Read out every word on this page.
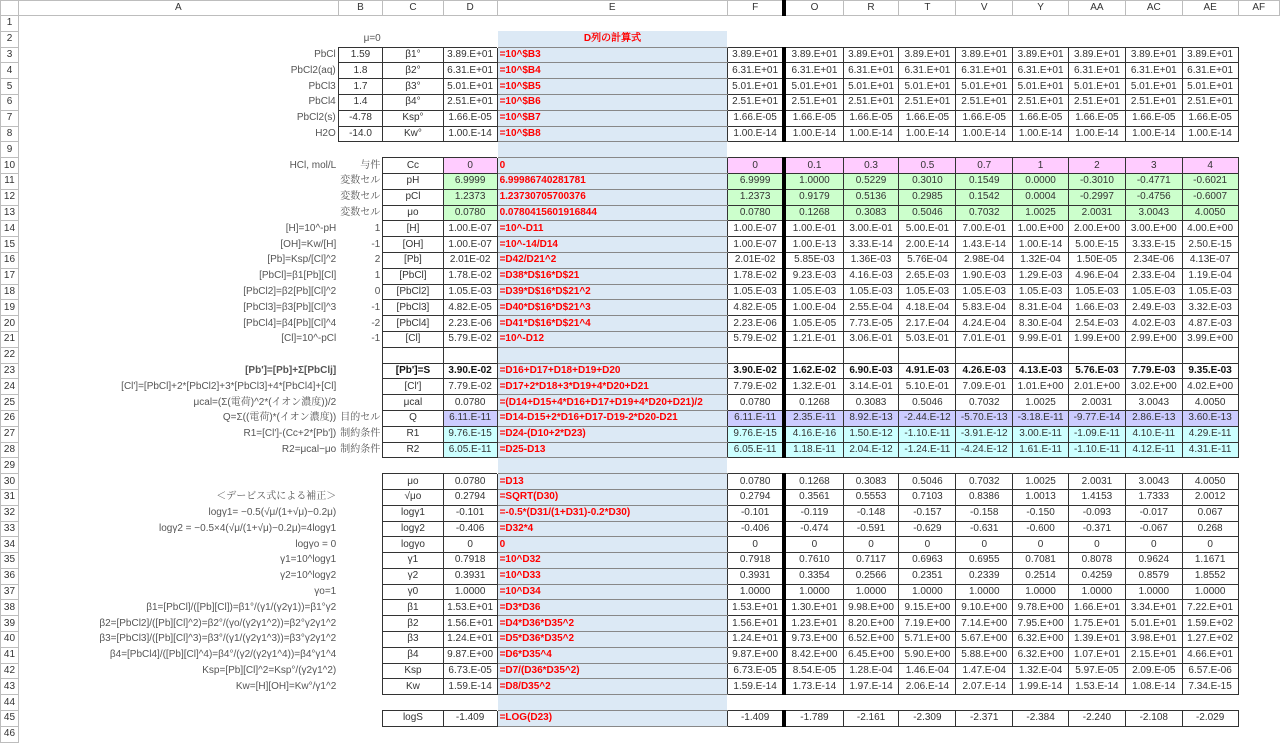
	A	B	C	D	E	F	O	R	T	V	Y	AA	AC	AE	AF
1															
2		μ=0			D列の計算式										
3	PbCl	1.59	β1°	3.89.E+01	=10^$B3	3.89.E+01	3.89.E+01	3.89.E+01	3.89.E+01	3.89.E+01	3.89.E+01	3.89.E+01	3.89.E+01	3.89.E+01	
4	PbCl2(aq)	1.8	β2°	6.31.E+01	=10^$B4	6.31.E+01	6.31.E+01	6.31.E+01	6.31.E+01	6.31.E+01	6.31.E+01	6.31.E+01	6.31.E+01	6.31.E+01	
5	PbCl3	1.7	β3°	5.01.E+01	=10^$B5	5.01.E+01	5.01.E+01	5.01.E+01	5.01.E+01	5.01.E+01	5.01.E+01	5.01.E+01	5.01.E+01	5.01.E+01	
6	PbCl4	1.4	β4°	2.51.E+01	=10^$B6	2.51.E+01	2.51.E+01	2.51.E+01	2.51.E+01	2.51.E+01	2.51.E+01	2.51.E+01	2.51.E+01	2.51.E+01	
7	PbCl2(s)	-4.78	Ksp°	1.66.E-05	=10^$B7	1.66.E-05	1.66.E-05	1.66.E-05	1.66.E-05	1.66.E-05	1.66.E-05	1.66.E-05	1.66.E-05	1.66.E-05	
8	H2O	-14.0	Kw°	1.00.E-14	=10^$B8	1.00.E-14	1.00.E-14	1.00.E-14	1.00.E-14	1.00.E-14	1.00.E-14	1.00.E-14	1.00.E-14	1.00.E-14	
9															
10	HCl, mol/L	与件	Cc	0	0	0	0.1	0.3	0.5	0.7	1	2	3	4	
11		変数セル	pH	6.9999	6.99986740281781	6.9999	1.0000	0.5229	0.3010	0.1549	0.0000	-0.3010	-0.4771	-0.6021	
12		変数セル	pCl	1.2373	1.23730705700376	1.2373	0.9179	0.5136	0.2985	0.1542	0.0004	-0.2997	-0.4756	-0.6007	
13		変数セル	μo	0.0780	0.0780415601916844	0.0780	0.1268	0.3083	0.5046	0.7032	1.0025	2.0031	3.0043	4.0050	
14	[H]=10^-pH	1	[H]	1.00.E-07	=10^-D11	1.00.E-07	1.00.E-01	3.00.E-01	5.00.E-01	7.00.E-01	1.00.E+00	2.00.E+00	3.00.E+00	4.00.E+00	
15	[OH]=Kw/[H]	-1	[OH]	1.00.E-07	=10^-14/D14	1.00.E-07	1.00.E-13	3.33.E-14	2.00.E-14	1.43.E-14	1.00.E-14	5.00.E-15	3.33.E-15	2.50.E-15	
16	[Pb]=Ksp/[Cl]^2	2	[Pb]	2.01E-02	=D42/D21^2	2.01E-02	5.85E-03	1.36E-03	5.76E-04	2.98E-04	1.32E-04	1.50E-05	2.34E-06	4.13E-07	
17	[PbCl]=β1[Pb][Cl]	1	[PbCl]	1.78.E-02	=D38*D$16*D$21	1.78.E-02	9.23.E-03	4.16.E-03	2.65.E-03	1.90.E-03	1.29.E-03	4.96.E-04	2.33.E-04	1.19.E-04	
18	[PbCl2]=β2[Pb][Cl]^2	0	[PbCl2]	1.05.E-03	=D39*D$16*D$21^2	1.05.E-03	1.05.E-03	1.05.E-03	1.05.E-03	1.05.E-03	1.05.E-03	1.05.E-03	1.05.E-03	1.05.E-03	
19	[PbCl3]=β3[Pb][Cl]^3	-1	[PbCl3]	4.82.E-05	=D40*D$16*D$21^3	4.82.E-05	1.00.E-04	2.55.E-04	4.18.E-04	5.83.E-04	8.31.E-04	1.66.E-03	2.49.E-03	3.32.E-03	
20	[PbCl4]=β4[Pb][Cl]^4	-2	[PbCl4]	2.23.E-06	=D41*D$16*D$21^4	2.23.E-06	1.05.E-05	7.73.E-05	2.17.E-04	4.24.E-04	8.30.E-04	2.54.E-03	4.02.E-03	4.87.E-03	
21	[Cl]=10^-pCl	-1	[Cl]	5.79.E-02	=10^-D12	5.79.E-02	1.21.E-01	3.06.E-01	5.03.E-01	7.01.E-01	9.99.E-01	1.99.E+00	2.99.E+00	3.99.E+00	
22															
23	[Pb']=[Pb]+Σ[PbClj]		[Pb']=S	3.90.E-02	=D16+D17+D18+D19+D20	3.90.E-02	1.62.E-02	6.90.E-03	4.91.E-03	4.26.E-03	4.13.E-03	5.76.E-03	7.79.E-03	9.35.E-03	
24	[Cl']=[PbCl]+2*[PbCl2]+3*[PbCl3]+4*[PbCl4]+[Cl]		[Cl']	7.79.E-02	=D17+2*D18+3*D19+4*D20+D21	7.79.E-02	1.32.E-01	3.14.E-01	5.10.E-01	7.09.E-01	1.01.E+00	2.01.E+00	3.02.E+00	4.02.E+00	
25	μcal=(Σ(電荷)^2*(イオン濃度))/2		μcal	0.0780	=(D14+D15+4*D16+D17+D19+4*D20+D21)/2	0.0780	0.1268	0.3083	0.5046	0.7032	1.0025	2.0031	3.0043	4.0050	
26	Q=Σ((電荷)*(イオン濃度))	目的セル	Q	6.11.E-11	=D14-D15+2*D16+D17-D19-2*D20-D21	6.11.E-11	2.35.E-11	8.92.E-13	-2.44.E-12	-5.70.E-13	-3.18.E-11	-9.77.E-14	2.86.E-13	3.60.E-13	
27	R1=[Cl']-(Cc+2*[Pb'])	制約条件	R1	9.76.E-15	=D24-(D10+2*D23)	9.76.E-15	4.16.E-16	1.50.E-12	-1.10.E-11	-3.91.E-12	3.00.E-11	-1.09.E-11	4.10.E-11	4.29.E-11	
28	R2=μcal−μo	制約条件	R2	6.05.E-11	=D25-D13	6.05.E-11	1.18.E-11	2.04.E-12	-1.24.E-11	-4.24.E-12	1.61.E-11	-1.10.E-11	4.12.E-11	4.31.E-11	
29															
30			μo	0.0780	=D13	0.0780	0.1268	0.3083	0.5046	0.7032	1.0025	2.0031	3.0043	4.0050	
31	＜デービス式による補正＞		√μo	0.2794	=SQRT(D30)	0.2794	0.3561	0.5553	0.7103	0.8386	1.0013	1.4153	1.7333	2.0012	
32	logγ1= −0.5(√μ/(1+√μ)−0.2μ)		logγ1	-0.101	=-0.5*(D31/(1+D31)-0.2*D30)	-0.101	-0.119	-0.148	-0.157	-0.158	-0.150	-0.093	-0.017	0.067	
33	logγ2 = −0.5×4(√μ/(1+√μ)−0.2μ)=4logγ1		logγ2	-0.406	=D32*4	-0.406	-0.474	-0.591	-0.629	-0.631	-0.600	-0.371	-0.067	0.268	
34	logγo = 0		logγo	0	0	0	0	0	0	0	0	0	0	0	
35	γ1=10^logγ1		γ1	0.7918	=10^D32	0.7918	0.7610	0.7117	0.6963	0.6955	0.7081	0.8078	0.9624	1.1671	
36	γ2=10^logγ2		γ2	0.3931	=10^D33	0.3931	0.3354	0.2566	0.2351	0.2339	0.2514	0.4259	0.8579	1.8552	
37	γo=1		γ0	1.0000	=10^D34	1.0000	1.0000	1.0000	1.0000	1.0000	1.0000	1.0000	1.0000	1.0000	
38	β1=[PbCl]/([Pb][Cl])=β1°/(γ1/(γ2γ1))=β1°γ2		β1	1.53.E+01	=D3*D36	1.53.E+01	1.30.E+01	9.98.E+00	9.15.E+00	9.10.E+00	9.78.E+00	1.66.E+01	3.34.E+01	7.22.E+01	
39	β2=[PbCl2]/([Pb][Cl]^2)=β2°/(γo/(γ2γ1^2))=β2°γ2γ1^2		β2	1.56.E+01	=D4*D36*D35^2	1.56.E+01	1.23.E+01	8.20.E+00	7.19.E+00	7.14.E+00	7.95.E+00	1.75.E+01	5.01.E+01	1.59.E+02	
40	β3=[PbCl3]/([Pb][Cl]^3)=β3°/(γ1/(γ2γ1^3))=β3°γ2γ1^2		β3	1.24.E+01	=D5*D36*D35^2	1.24.E+01	9.73.E+00	6.52.E+00	5.71.E+00	5.67.E+00	6.32.E+00	1.39.E+01	3.98.E+01	1.27.E+02	
41	β4=[PbCl4]/([Pb][Cl]^4)=β4°/(γ2/(γ2γ1^4))=β4°γ1^4		β4	9.87.E+00	=D6*D35^4	9.87.E+00	8.42.E+00	6.45.E+00	5.90.E+00	5.88.E+00	6.32.E+00	1.07.E+01	2.15.E+01	4.66.E+01	
42	Ksp=[Pb][Cl]^2=Ksp°/(γ2γ1^2)		Ksp	6.73.E-05	=D7/(D36*D35^2)	6.73.E-05	8.54.E-05	1.28.E-04	1.46.E-04	1.47.E-04	1.32.E-04	5.97.E-05	2.09.E-05	6.57.E-06	
43	Kw=[H][OH]=Kw°/γ1^2		Kw	1.59.E-14	=D8/D35^2	1.59.E-14	1.73.E-14	1.97.E-14	2.06.E-14	2.07.E-14	1.99.E-14	1.53.E-14	1.08.E-14	7.34.E-15	
44															
45			logS	-1.409	=LOG(D23)	-1.409	-1.789	-2.161	-2.309	-2.371	-2.384	-2.240	-2.108	-2.029	
46															
